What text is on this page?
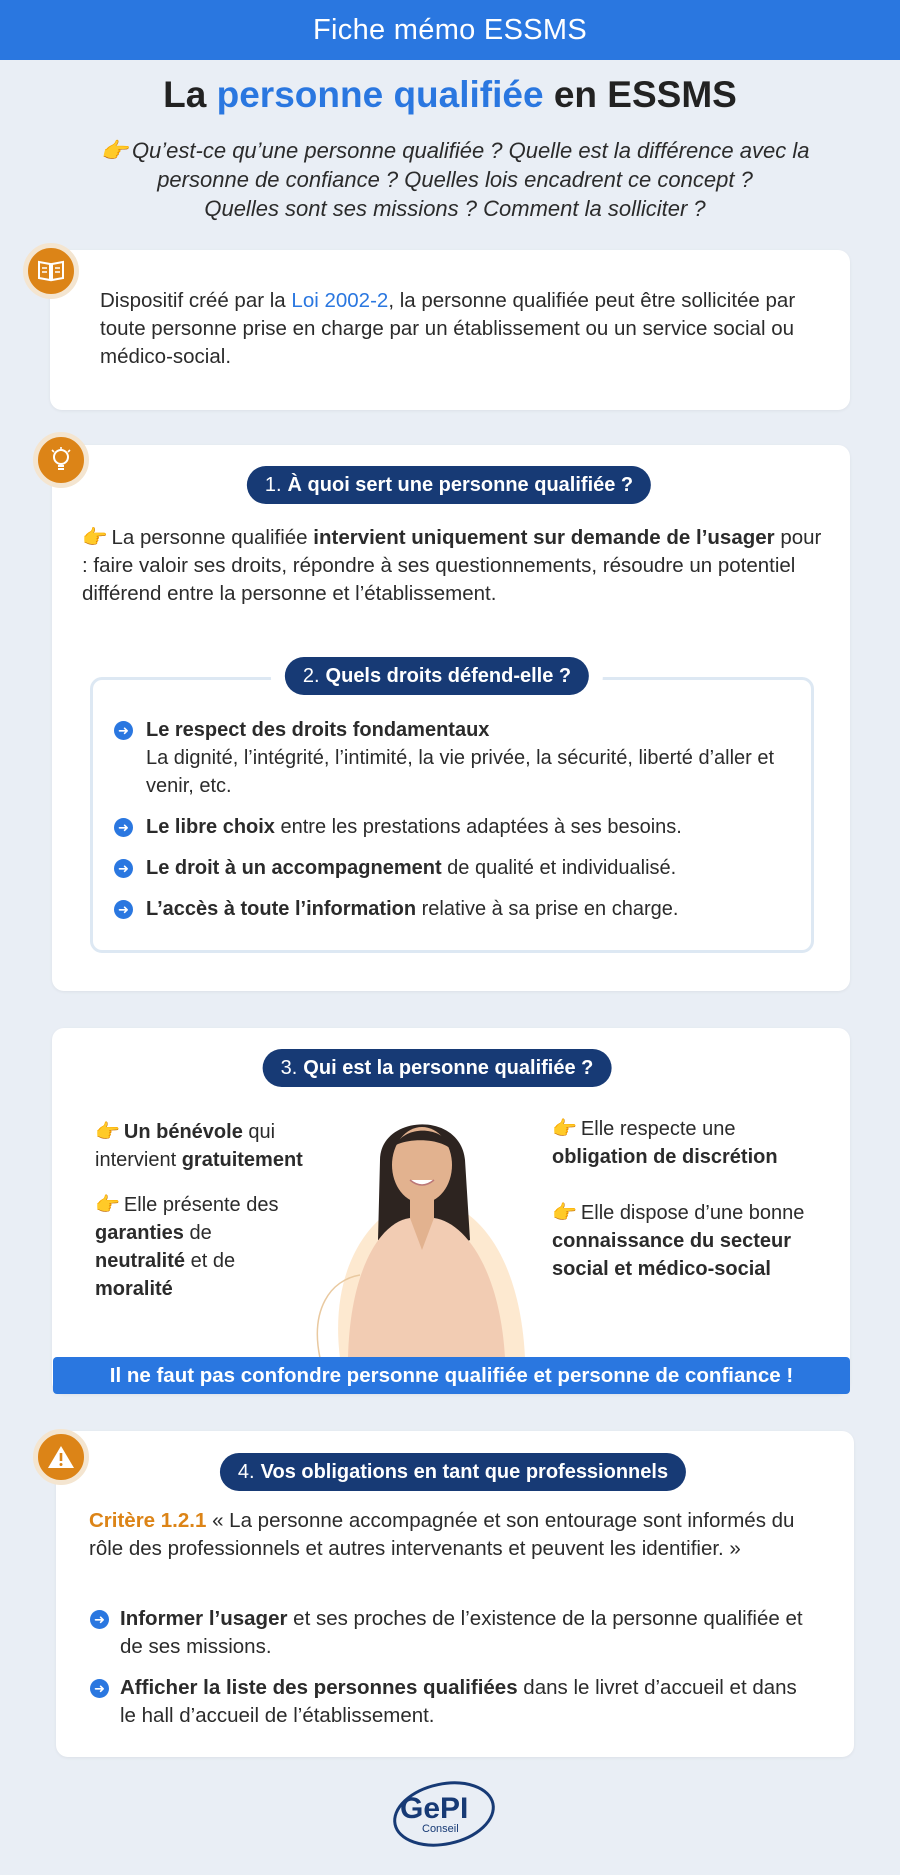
Fiche mémo ESSMS
La personne qualifiée en ESSMS
👉 Qu’est-ce qu’une personne qualifiée ? Quelle est la différence avec la
personne de confiance ? Quelles lois encadrent ce concept ?
Quelles sont ses missions ? Comment la solliciter ?
Dispositif créé par la Loi 2002-2, la personne qualifiée peut être sollicitée par toute personne prise en charge par un établissement ou un service social ou médico-social.
1. À quoi sert une personne qualifiée ?
👉 La personne qualifiée intervient uniquement sur demande de l’usager pour : faire valoir ses droits, répondre à ses questionnements, résoudre un potentiel différend entre la personne et l’établissement.
2. Quels droits défend-elle ?
➜ Le respect des droits fondamentaux
La dignité, l’intégrité, l’intimité, la vie privée, la sécurité, liberté d’aller et venir, etc.
➜ Le libre choix entre les prestations adaptées à ses besoins.
➜ Le droit à un accompagnement de qualité et individualisé.
➜ L’accès à toute l’information relative à sa prise en charge.
3. Qui est la personne qualifiée ?
👉 Un bénévole qui intervient gratuitement
👉 Elle présente des garanties de neutralité et de moralité
👉 Elle respecte une obligation de discrétion
👉 Elle dispose d’une bonne connaissance du secteur social et médico-social
Il ne faut pas confondre personne qualifiée et personne de confiance !
4. Vos obligations en tant que professionnels
Critère 1.2.1 « La personne accompagnée et son entourage sont informés du rôle des professionnels et autres intervenants et peuvent les identifier. »
➜ Informer l’usager et ses proches de l’existence de la personne qualifiée et de ses missions.
➜ Afficher la liste des personnes qualifiées dans le livret d’accueil et dans le hall d’accueil de l’établissement.
GePI
Conseil
